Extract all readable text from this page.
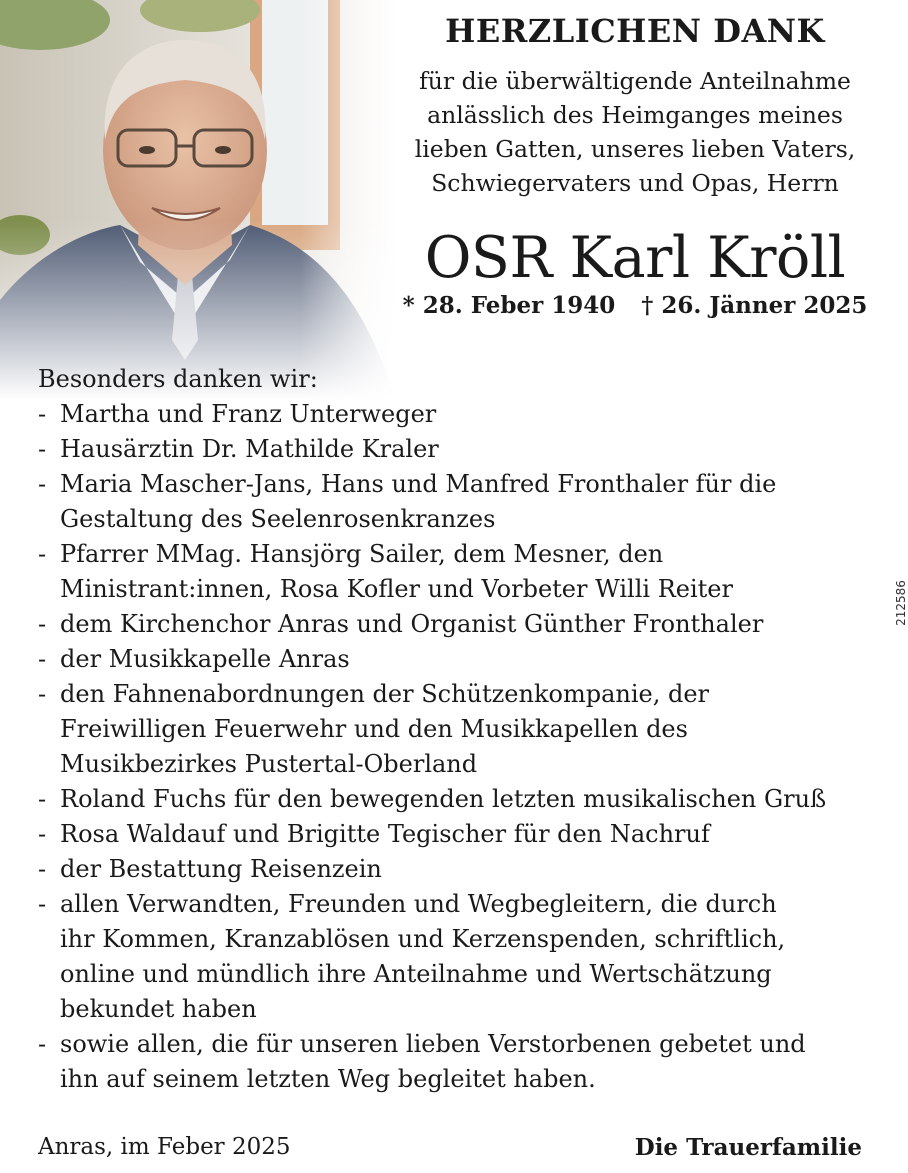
HERZLICHEN DANK
für die überwältigende Anteilnahme
anlässlich des Heimganges meines
lieben Gatten, unseres lieben Vaters,
Schwiegervaters und Opas, Herrn
OSR Karl Kröll
* 28. Feber 1940 † 26. Jänner 2025

Besonders danken wir:

- Martha und Franz Unterweger
- Hausärztin Dr. Mathilde Kraler
- Maria Mascher-Jans, Hans und Manfred Fronthaler für die
Gestaltung des Seelenrosenkranzes
- Pfarrer MMag. Hansjörg Sailer, dem Mesner, den
Ministrant:innen, Rosa Kofler und Vorbeter Willi Reiter
- dem Kirchenchor Anras und Organist Günther Fronthaler
- der Musikkapelle Anras
- den Fahnenabordnungen der Schützenkompanie, der
Freiwilligen Feuerwehr und den Musikkapellen des
Musikbezirkes Pustertal-Oberland
- Roland Fuchs für den bewegenden letzten musikalischen Gruß
- Rosa Waldauf und Brigitte Tegischer für den Nachruf
- der Bestattung Reisenzein
- allen Verwandten, Freunden und Wegbegleitern, die durch
ihr Kommen, Kranzablösen und Kerzenspenden, schriftlich,
online und mündlich ihre Anteilnahme und Wertschätzung
bekundet haben
- sowie allen, die für unseren lieben Verstorbenen gebetet und
ihn auf seinem letzten Weg begleitet haben.
Anras, im Feber 2025	Die Trauerfamilie
212586
